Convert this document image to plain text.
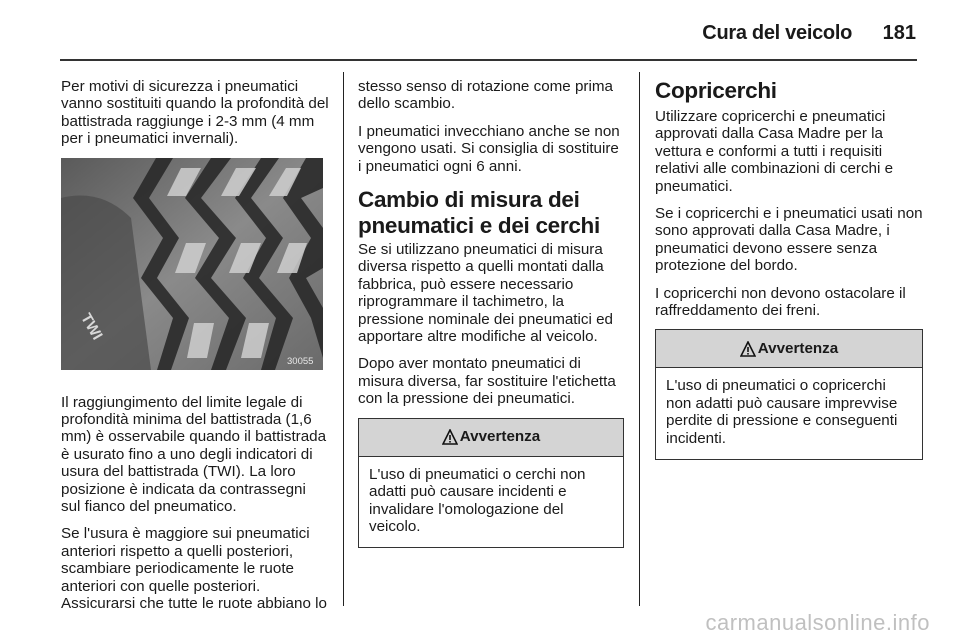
Cura del veicolo 181

Per motivi di sicurezza i pneumatici vanno sostituiti quando la profondità del battistrada raggiunge i 2-3 mm (4 mm per i pneumatici invernali).

TWI
30055

Il raggiungimento del limite legale di profondità minima del battistrada (1,6 mm) è osservabile quando il battistrada è usurato fino a uno degli indicatori di usura del battistrada (TWI). La loro posizione è indicata da contrassegni sul fianco del pneumatico.

Se l'usura è maggiore sui pneumatici anteriori rispetto a quelli posteriori, scambiare periodicamente le ruote anteriori con quelle posteriori. Assicurarsi che tutte le ruote abbiano lo

stesso senso di rotazione come prima dello scambio.

I pneumatici invecchiano anche se non vengono usati. Si consiglia di sostituire i pneumatici ogni 6 anni.

Cambio di misura dei pneumatici e dei cerchi

Se si utilizzano pneumatici di misura diversa rispetto a quelli montati dalla fabbrica, può essere necessario riprogrammare il tachimetro, la pressione nominale dei pneumatici ed apportare altre modifiche al veicolo.

Dopo aver montato pneumatici di misura diversa, far sostituire l'etichetta con la pressione dei pneumatici.

Avvertenza
L'uso di pneumatici o cerchi non adatti può causare incidenti e invalidare l'omologazione del veicolo.
Copricerchi

Utilizzare copricerchi e pneumatici approvati dalla Casa Madre per la vettura e conformi a tutti i requisiti relativi alle combinazioni di cerchi e pneumatici.

Se i copricerchi e i pneumatici usati non sono approvati dalla Casa Madre, i pneumatici devono essere senza protezione del bordo.

I copricerchi non devono ostacolare il raffreddamento dei freni.

Avvertenza
L'uso di pneumatici o copricerchi non adatti può causare imprevvise perdite di pressione e conseguenti incidenti.
carmanualsonline.info
